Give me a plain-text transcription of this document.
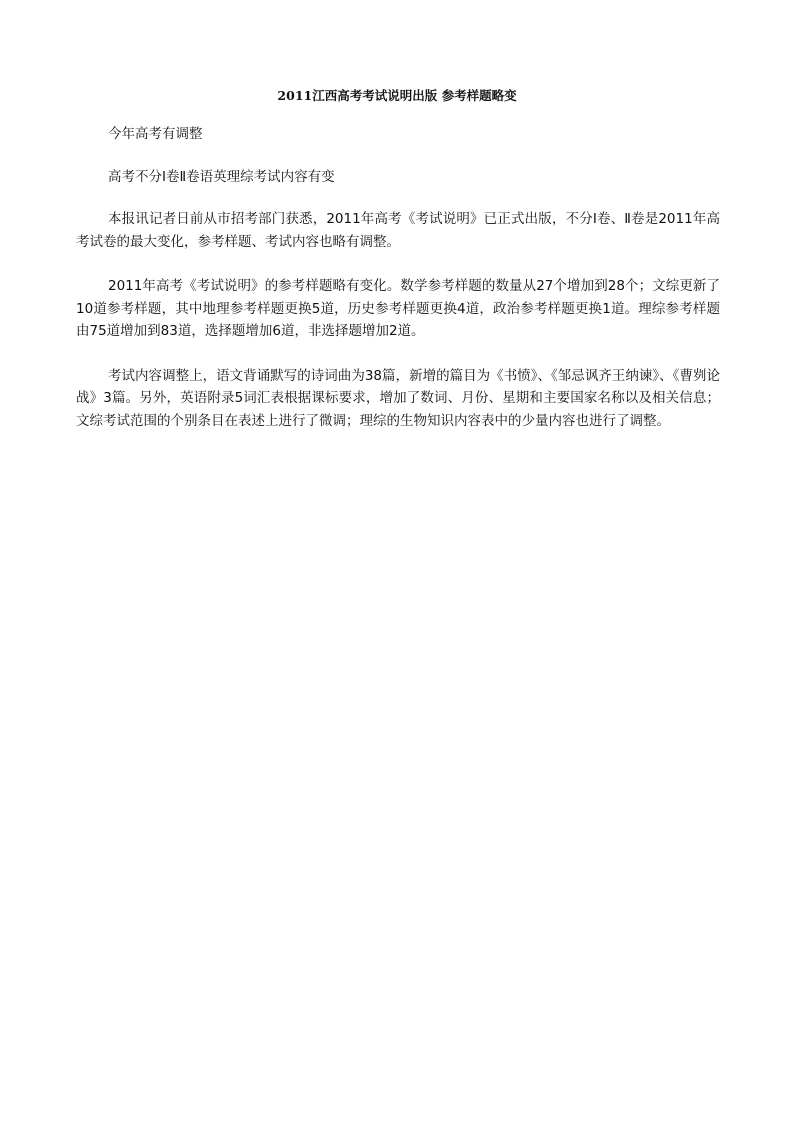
2011江西高考考试说明出版 参考样题略变

今年高考有调整

高考不分Ⅰ卷Ⅱ卷语英理综考试内容有变

本报讯记者日前从市招考部门获悉，2011年高考《考试说明》已正式出版，不分Ⅰ卷、Ⅱ卷是2011年高考试卷的最大变化，参考样题、考试内容也略有调整。

2011年高考《考试说明》的参考样题略有变化。数学参考样题的数量从27个增加到28个；文综更新了10道参考样题，其中地理参考样题更换5道，历史参考样题更换4道，政治参考样题更换1道。理综参考样题由75道增加到83道，选择题增加6道，非选择题增加2道。

考试内容调整上，语文背诵默写的诗词曲为38篇，新增的篇目为《书愤》、《邹忌讽齐王纳谏》、《曹刿论战》3篇。另外，英语附录5词汇表根据课标要求，增加了数词、月份、星期和主要国家名称以及相关信息；文综考试范围的个别条目在表述上进行了微调；理综的生物知识内容表中的少量内容也进行了调整。
